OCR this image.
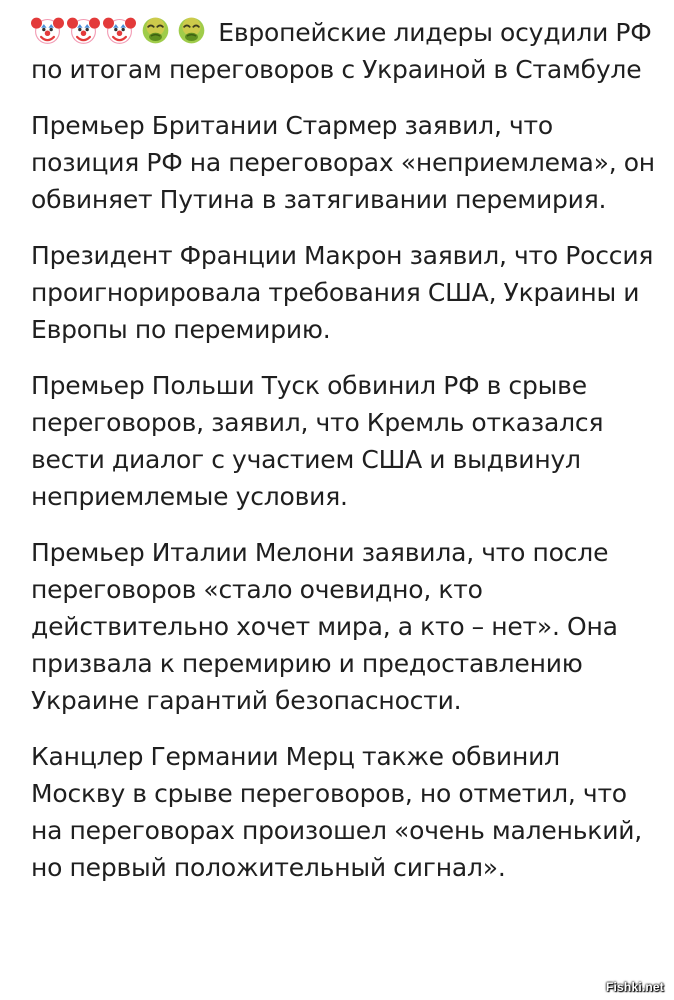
Европейские лидеры осудили РФ по итогам переговоров с Украиной в Стамбуле

Премьер Британии Стармер заявил, что позиция РФ на переговорах «неприемлема», он обвиняет Путина в затягивании перемирия.

Президент Франции Макрон заявил, что Россия проигнорировала требования США, Украины и Европы по перемирию.

Премьер Польши Туск обвинил РФ в срыве переговоров, заявил, что Кремль отказался вести диалог с участием США и выдвинул неприемлемые условия.

Премьер Италии Мелони заявила, что после переговоров «стало очевидно, кто действительно хочет мира, а кто – нет». Она призвала к перемирию и предоставлению Украине гарантий безопасности.

Канцлер Германии Мерц также обвинил Москву в срыве переговоров, но отметил, что на переговорах произошел «очень маленький, но первый положительный сигнал».

Fishki.net
